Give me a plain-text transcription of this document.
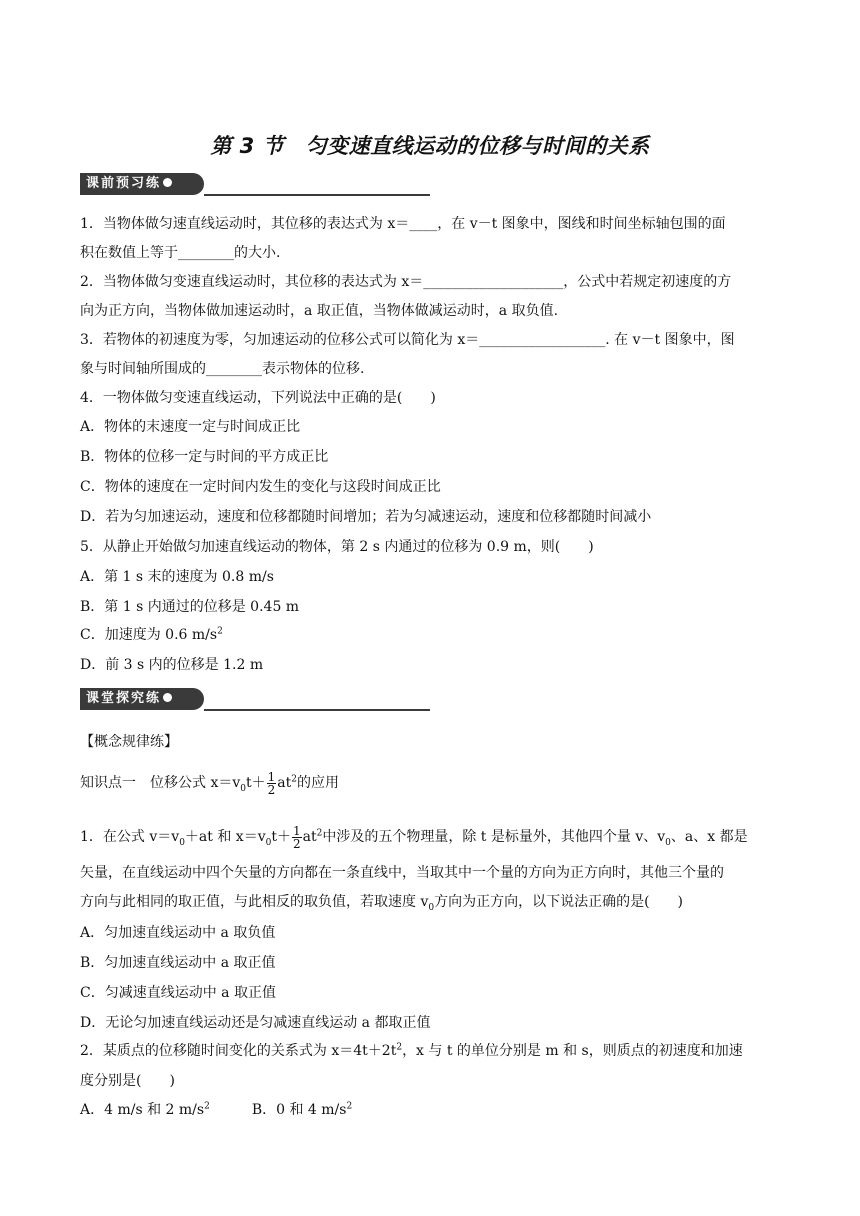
第 3 节　匀变速直线运动的位移与时间的关系
课前预习练
1．当物体做匀速直线运动时，其位移的表达式为 x＝____，在 v－t 图象中，图线和时间坐标轴包围的面
积在数值上等于________的大小.
2．当物体做匀变速直线运动时，其位移的表达式为 x＝____________________，公式中若规定初速度的方
向为正方向，当物体做加速运动时，a 取正值，当物体做减运动时，a 取负值.
3．若物体的初速度为零，匀加速运动的位移公式可以简化为 x＝__________________. 在 v－t 图象中，图
象与时间轴所围成的________表示物体的位移.
4．一物体做匀变速直线运动，下列说法中正确的是(　　)
A．物体的末速度一定与时间成正比
B．物体的位移一定与时间的平方成正比
C．物体的速度在一定时间内发生的变化与这段时间成正比
D．若为匀加速运动，速度和位移都随时间增加；若为匀减速运动，速度和位移都随时间减小
5．从静止开始做匀加速直线运动的物体，第 2 s 内通过的位移为 0.9 m，则(　　)
A．第 1 s 末的速度为 0.8 m/s
B．第 1 s 内通过的位移是 0.45 m
C．加速度为 0.6 $m/s^2$
D．前 3 s 内的位移是 1.2 m
课堂探究练
【概念规律练】
知识点一　位移公式 $x=v_0t+ \frac{1}{2} at^2$的应用
1．在公式 $v=v_0+at$ 和 $x=v_0t+ \frac{1}{2} at^2$中涉及的五个物理量，除 t 是标量外，其他四个量 v、$v_0$、a、x 都是
矢量，在直线运动中四个矢量的方向都在一条直线中，当取其中一个量的方向为正方向时，其他三个量的
方向与此相同的取正值，与此相反的取负值，若取速度 $v_0$方向为正方向，以下说法正确的是(　　)
A．匀加速直线运动中 a 取负值
B．匀加速直线运动中 a 取正值
C．匀减速直线运动中 a 取正值
D．无论匀加速直线运动还是匀减速直线运动 a 都取正值
2．某质点的位移随时间变化的关系式为 $x=4t+2t^2$，x 与 t 的单位分别是 m 和 s，则质点的初速度和加速
度分别是(　　)
A．4 m/s 和 2 $m/s^2$	B．0 和 4 $m/s^2$
